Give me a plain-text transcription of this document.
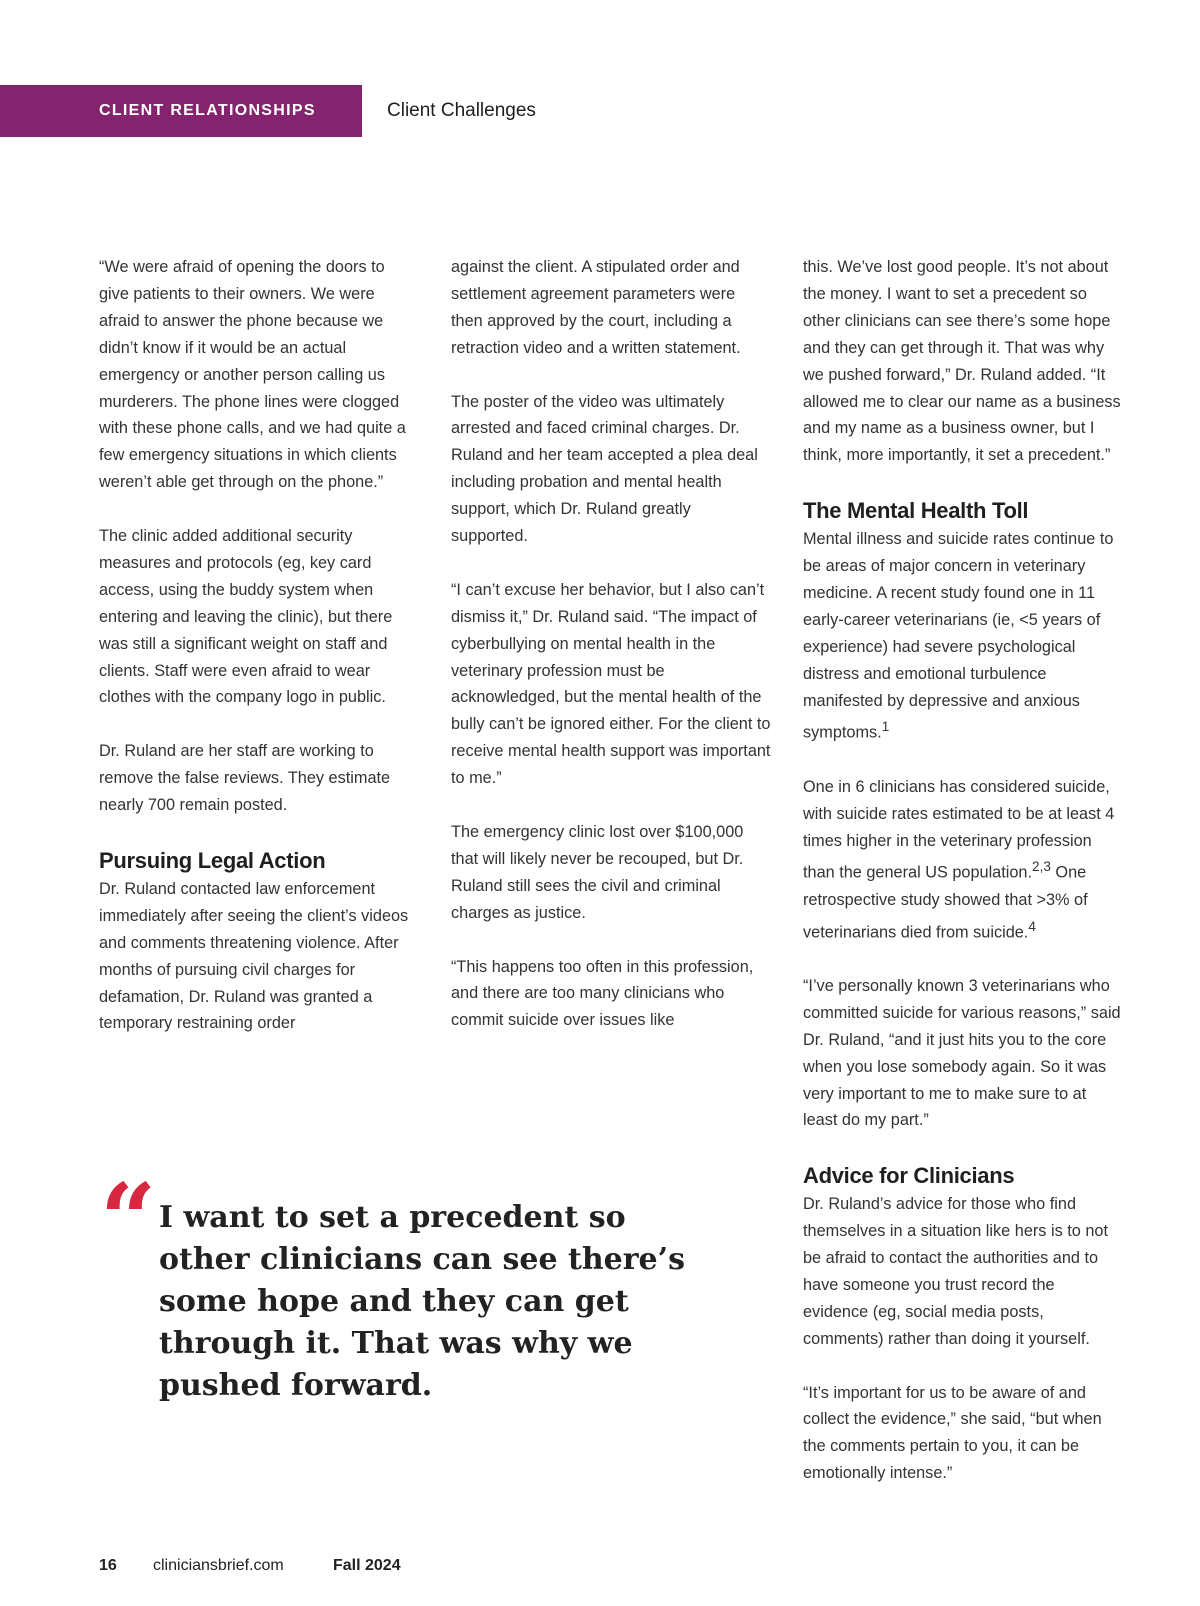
CLIENT RELATIONSHIPS	Client Challenges

“We were afraid of opening the doors to give patients to their owners. We were afraid to answer the phone because we didn’t know if it would be an actual emergency or another person calling us murderers. The phone lines were clogged with these phone calls, and we had quite a few emergency situations in which clients weren’t able get through on the phone.”

The clinic added additional security measures and protocols (eg, key card access, using the buddy system when entering and leaving the clinic), but there was still a significant weight on staff and clients. Staff were even afraid to wear clothes with the company logo in public.

Dr. Ruland are her staff are working to remove the false reviews. They estimate nearly 700 remain posted.

Pursuing Legal Action

Dr. Ruland contacted law enforcement immediately after seeing the client’s videos and comments threatening violence. After months of pursuing civil charges for defamation, Dr. Ruland was granted a temporary restraining order

against the client. A stipulated order and settlement agreement parameters were then approved by the court, including a retraction video and a written statement.

The poster of the video was ultimately arrested and faced criminal charges. Dr. Ruland and her team accepted a plea deal including probation and mental health support, which Dr. Ruland greatly supported.

“I can’t excuse her behavior, but I also can’t dismiss it,” Dr. Ruland said. “The impact of cyberbullying on mental health in the veterinary profession must be acknowledged, but the mental health of the bully can’t be ignored either. For the client to receive mental health support was important to me.”

The emergency clinic lost over $100,000 that will likely never be recouped, but Dr. Ruland still sees the civil and criminal charges as justice.

“This happens too often in this profession, and there are too many clinicians who commit suicide over issues like

this. We’ve lost good people. It’s not about the money. I want to set a precedent so other clinicians can see there’s some hope and they can get through it. That was why we pushed forward,” Dr. Ruland added. “It allowed me to clear our name as a business and my name as a business owner, but I think, more importantly, it set a precedent.”

The Mental Health Toll

Mental illness and suicide rates continue to be areas of major concern in veterinary medicine. A recent study found one in 11 early-career veterinarians (ie, <5 years of experience) had severe psychological distress and emotional turbulence manifested by depressive and anxious symptoms.$^1$

One in 6 clinicians has considered suicide, with suicide rates estimated to be at least 4 times higher in the veterinary profession than the general US population.$^{2,3}$ One retrospective study showed that >3% of veterinarians died from suicide.$^4$

“I’ve personally known 3 veterinarians who committed suicide for various reasons,” said Dr. Ruland, “and it just hits you to the core when you lose somebody again. So it was very important to me to make sure to at least do my part.”

Advice for Clinicians

Dr. Ruland’s advice for those who find themselves in a situation like hers is to not be afraid to contact the authorities and to have someone you trust record the evidence (eg, social media posts, comments) rather than doing it yourself.

“It’s important for us to be aware of and collect the evidence,” she said, “but when the comments pertain to you, it can be emotionally intense.”

“ I want to set a precedent so other clinicians can see there’s some hope and they can get through it. That was why we pushed forward.
16 cliniciansbrief.com	Fall 2024
